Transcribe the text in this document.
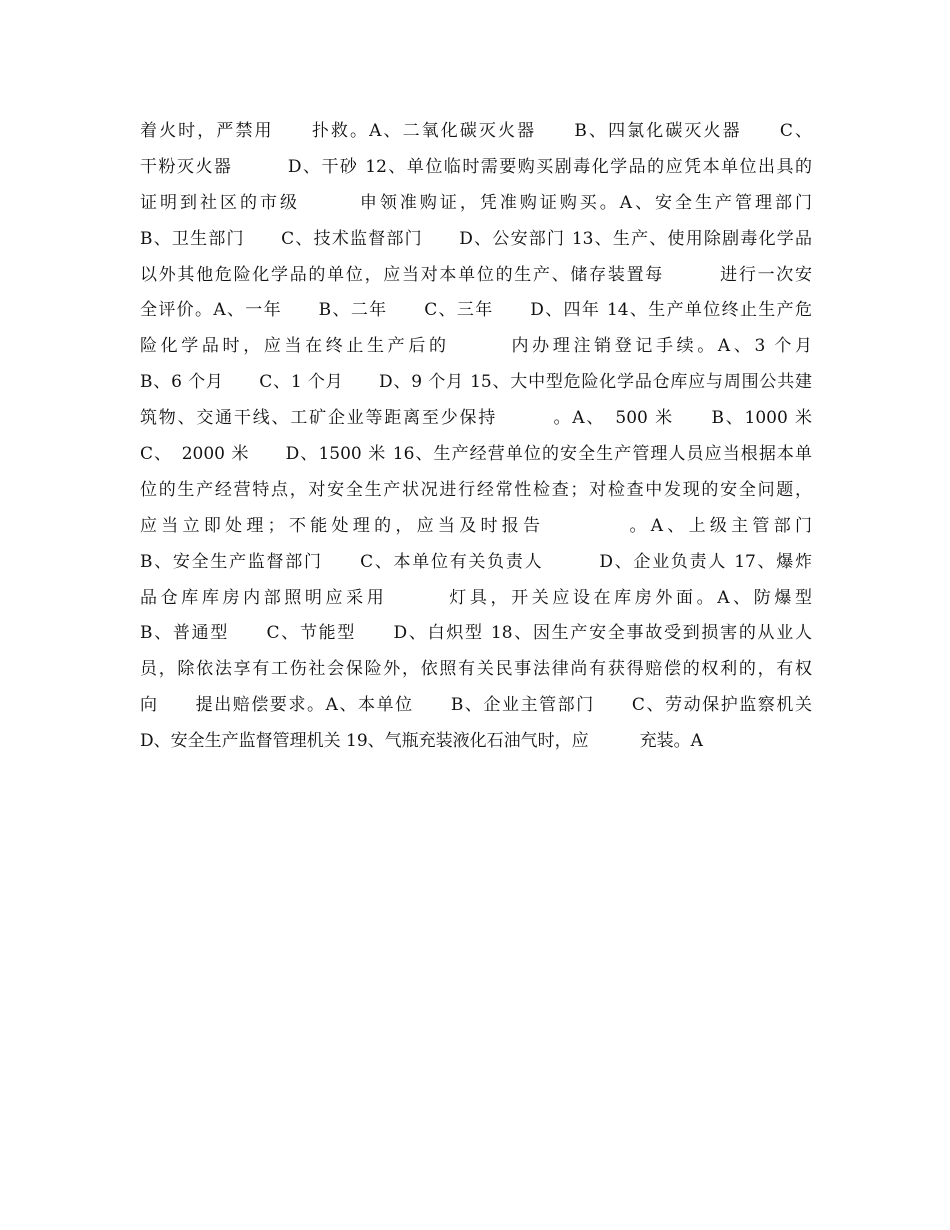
着火时，严禁用　　扑救。A、二氧化碳灭火器　　B、四氯化碳灭火器　　C、
干粉灭火器　　　D、干砂 12、单位临时需要购买剧毒化学品的应凭本单位出具的
证明到社区的市级　　　申领准购证，凭准购证购买。A、安全生产管理部门
B、卫生部门　　C、技术监督部门　　D、公安部门 13、生产、使用除剧毒化学品
以外其他危险化学品的单位，应当对本单位的生产、储存装置每　　　进行一次安
全评价。A、一年　　B、二年　　C、三年　　D、四年 14、生产单位终止生产危
险化学品时，应当在终止生产后的　　　内办理注销登记手续。A、3 个月
B、6 个月　　C、1 个月　　D、9 个月 15、大中型危险化学品仓库应与周围公共建
筑物、交通干线、工矿企业等距离至少保持　　　。A、　500 米　　B、1000 米
C、　2000 米　　D、1500 米 16、生产经营单位的安全生产管理人员应当根据本单
位的生产经营特点，对安全生产状况进行经常性检查；对检查中发现的安全问题，
应当立即处理；不能处理的，应当及时报告　　　　。A、上级主管部门
B、安全生产监督部门　　C、本单位有关负责人　　　D、企业负责人 17、爆炸
品仓库库房内部照明应采用　　　灯具，开关应设在库房外面。A、防爆型
B、普通型　　C、节能型　　D、白炽型 18、因生产安全事故受到损害的从业人
员，除依法享有工伤社会保险外，依照有关民事法律尚有获得赔偿的权利的，有权
向　　提出赔偿要求。A、本单位　　B、企业主管部门　　C、劳动保护监察机关
D、安全生产监督管理机关 19、气瓶充装液化石油气时，应　　　充装。A
